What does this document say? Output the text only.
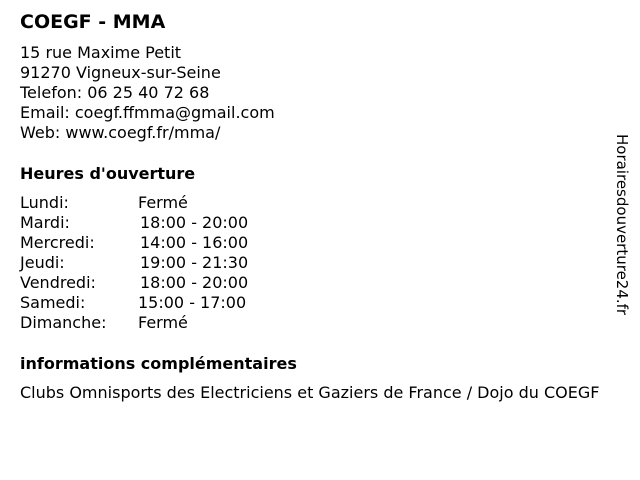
COEGF - MMA
15 rue Maxime Petit
91270 Vigneux-sur-Seine
Telefon: 06 25 40 72 68
Email: coegf.ffmma@gmail.com
Web: www.coegf.fr/mma/
Heures d'ouverture
Lundi:	Fermé
Mardi:	18:00 - 20:00
Mercredi:	14:00 - 16:00
Jeudi:	19:00 - 21:30
Vendredi:	18:00 - 20:00
Samedi:	15:00 - 17:00
Dimanche: Fermé
informations complémentaires
Clubs Omnisports des Electriciens et Gaziers de France / Dojo du COEGF
Horairesdouverture24.fr
